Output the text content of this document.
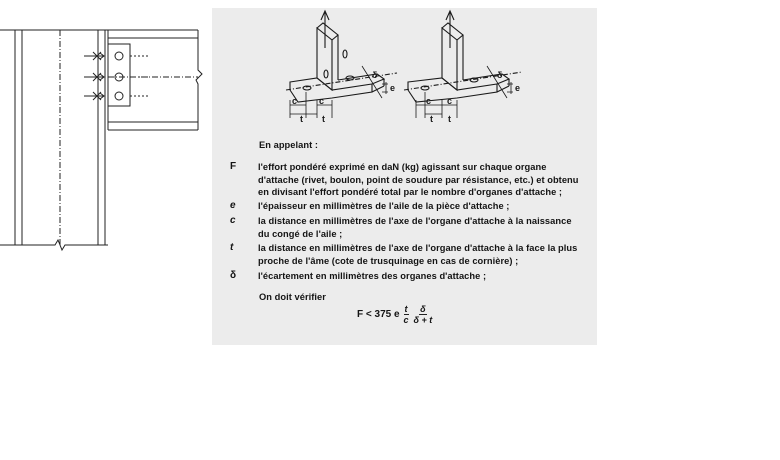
c c
t t
e
δ
c c
t t
e
δ
En appelant :
F l'effort pondéré exprimé en daN (kg) agissant sur chaque organe
d'attache (rivet, boulon, point de soudure par résistance, etc.) et obtenu
en divisant l'effort pondéré total par le nombre d'organes d'attache ;
e l'épaisseur en millimètres de l'aile de la pièce d'attache ;
c la distance en millimètres de l'axe de l'organe d'attache à la naissance
du congé de l'aile ;
t	la distance en millimètres de l'axe de l'organe d'attache à la face la plus
proche de l'âme (cote de trusquinage en cas de cornière) ;
δ l'écartement en millimètres des organes d'attache ;
On doit vérifier
F < 375 e $\frac{t}{c} \frac{\delta}{\delta + t}$
